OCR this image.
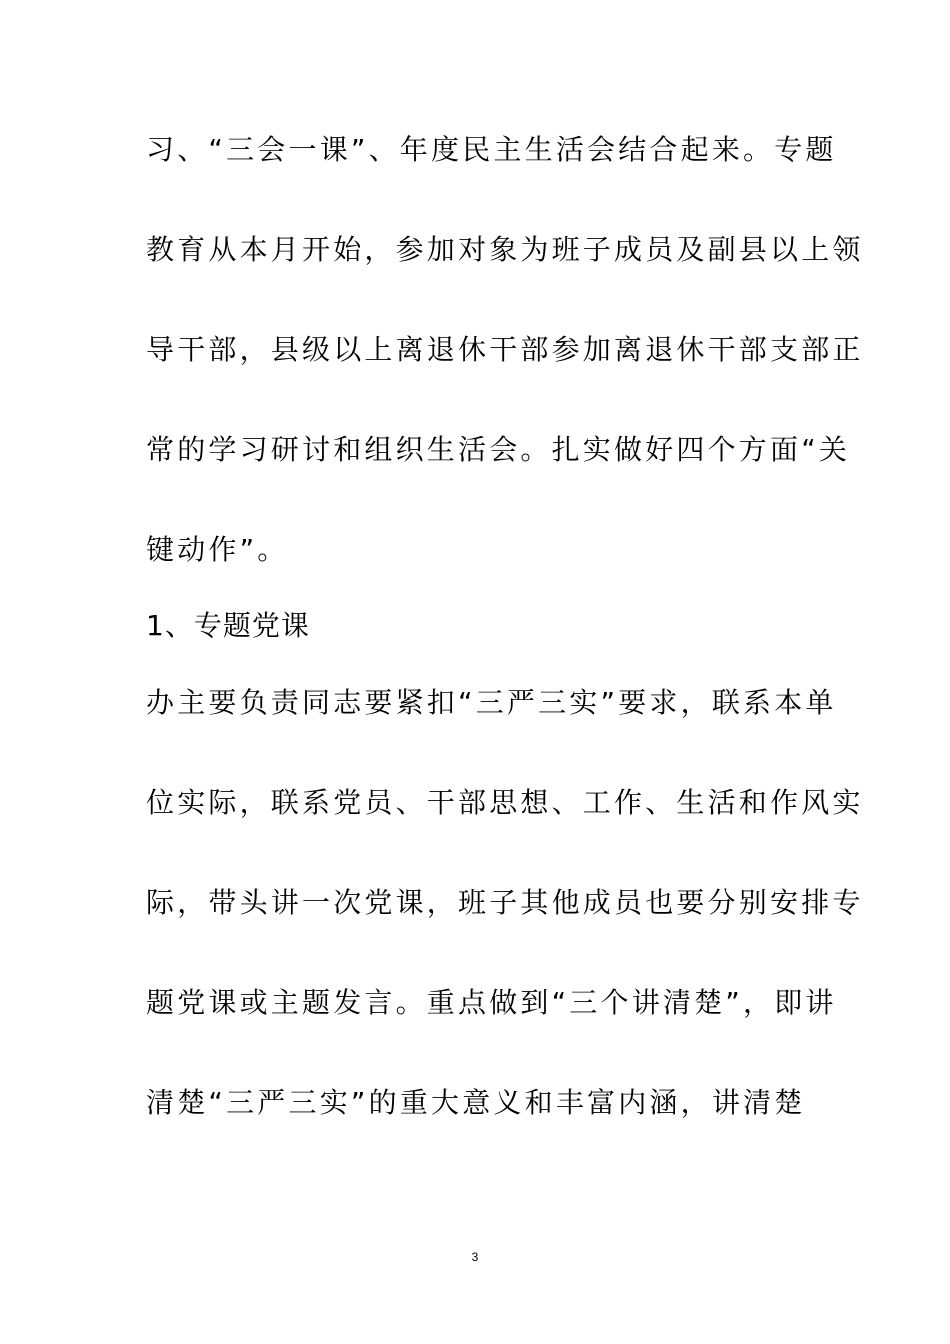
习、“三会一课”、年度民主生活会结合起来。专题
教育从本月开始，参加对象为班子成员及副县以上领
导干部，县级以上离退休干部参加离退休干部支部正
常的学习研讨和组织生活会。扎实做好四个方面“关
键动作”。
1、专题党课
办主要负责同志要紧扣“三严三实”要求，联系本单
位实际，联系党员、干部思想、工作、生活和作风实
际，带头讲一次党课，班子其他成员也要分别安排专
题党课或主题发言。重点做到“三个讲清楚”，即讲
清楚“三严三实”的重大意义和丰富内涵，讲清楚
3
